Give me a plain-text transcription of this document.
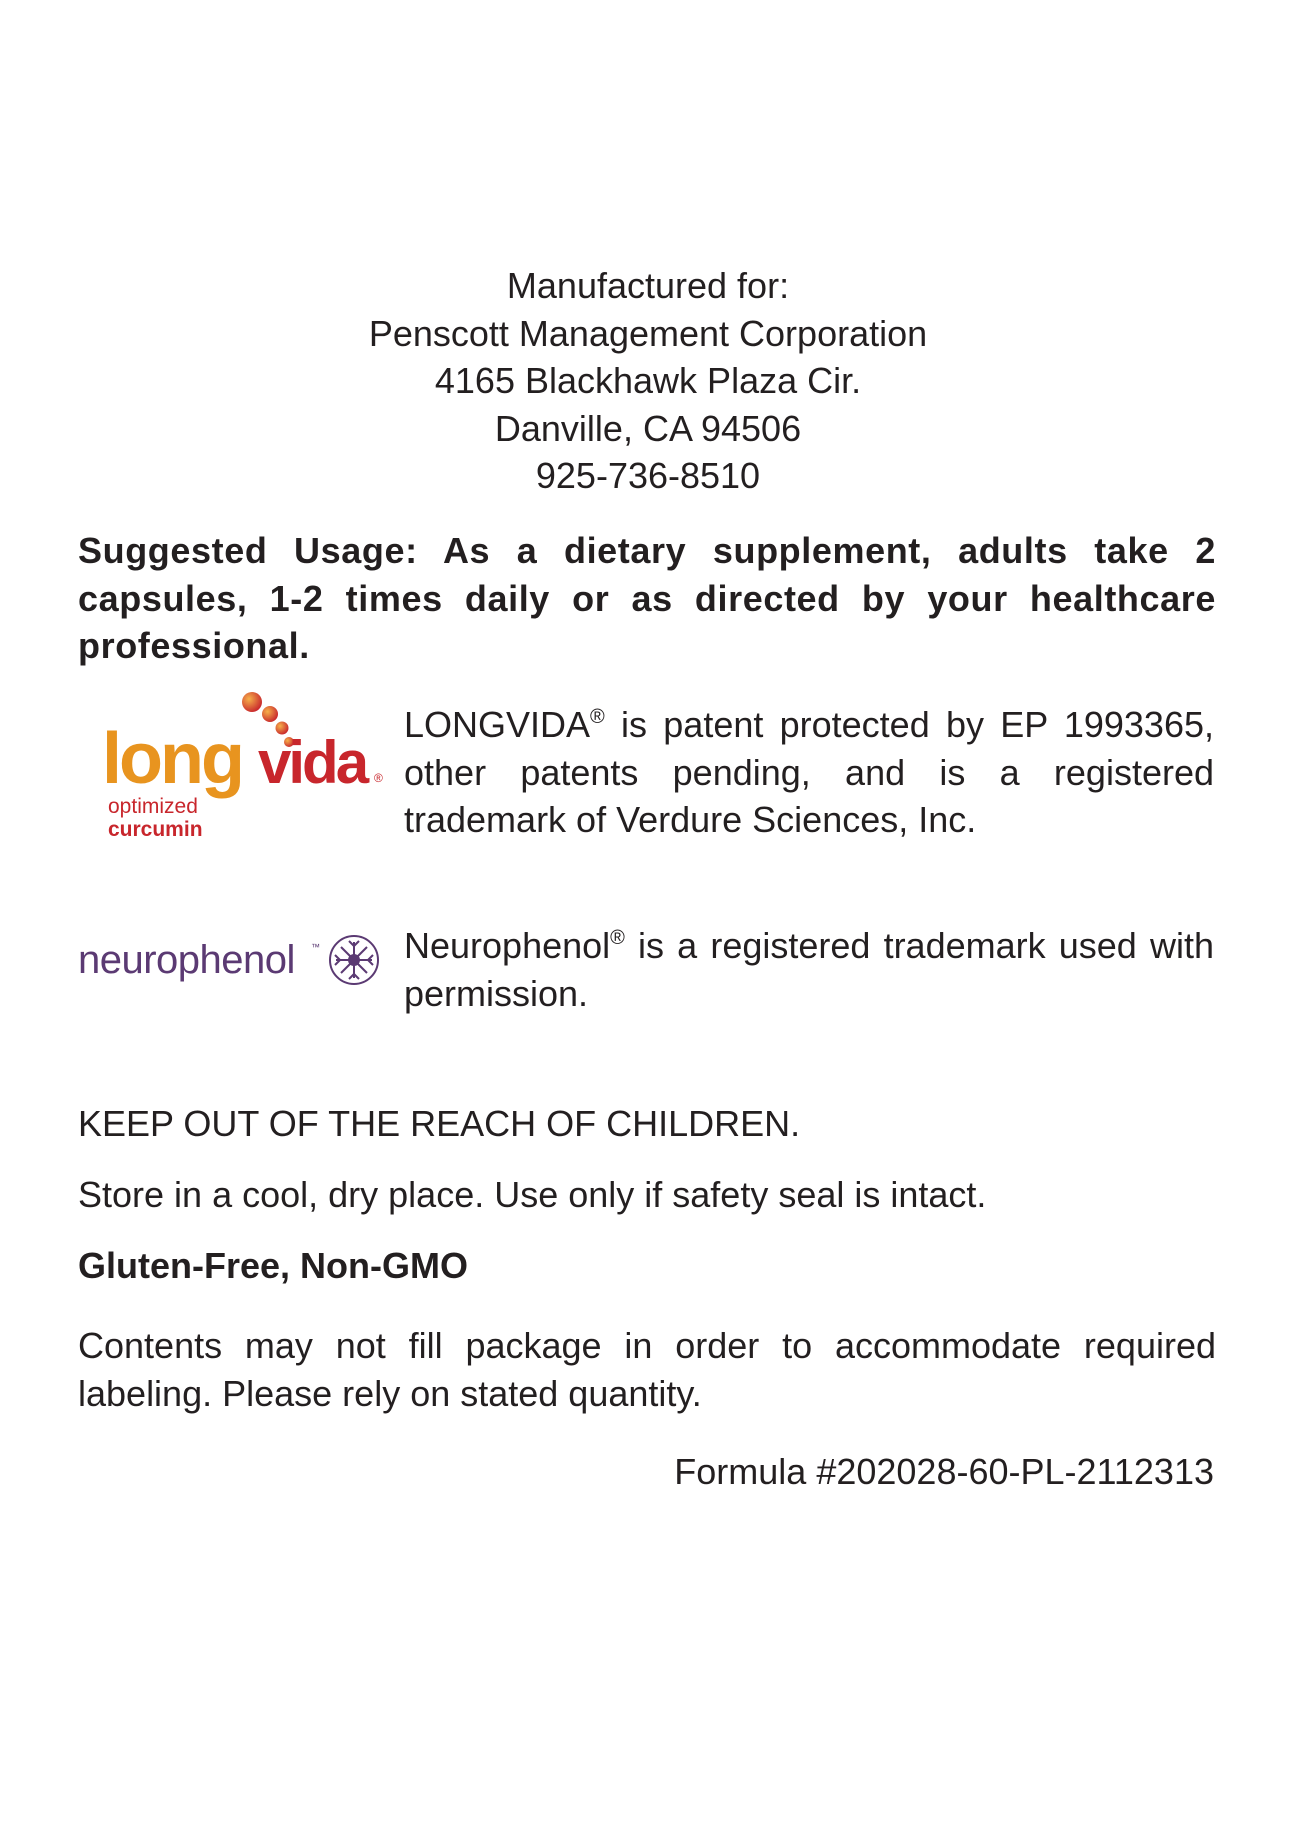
Manufactured for:
Penscott Management Corporation
4165 Blackhawk Plaza Cir.
Danville, CA 94506
925-736-8510
Suggested Usage: As a dietary supplement, adults take 2 capsules, 1-2 times daily or as directed by your healthcare professional.
long vida ®
optimized
curcumin
LONGVIDA® is patent protected by EP 1993365, other patents pending, and is a registered trademark of Verdure Sciences, Inc.
neurophenol ™ Neurophenol® is a registered trademark used with permission.
KEEP OUT OF THE REACH OF CHILDREN.
Store in a cool, dry place. Use only if safety seal is intact.
Gluten-Free, Non-GMO
Contents may not fill package in order to accommodate required labeling. Please rely on stated quantity.
Formula #202028-60-PL-2112313
